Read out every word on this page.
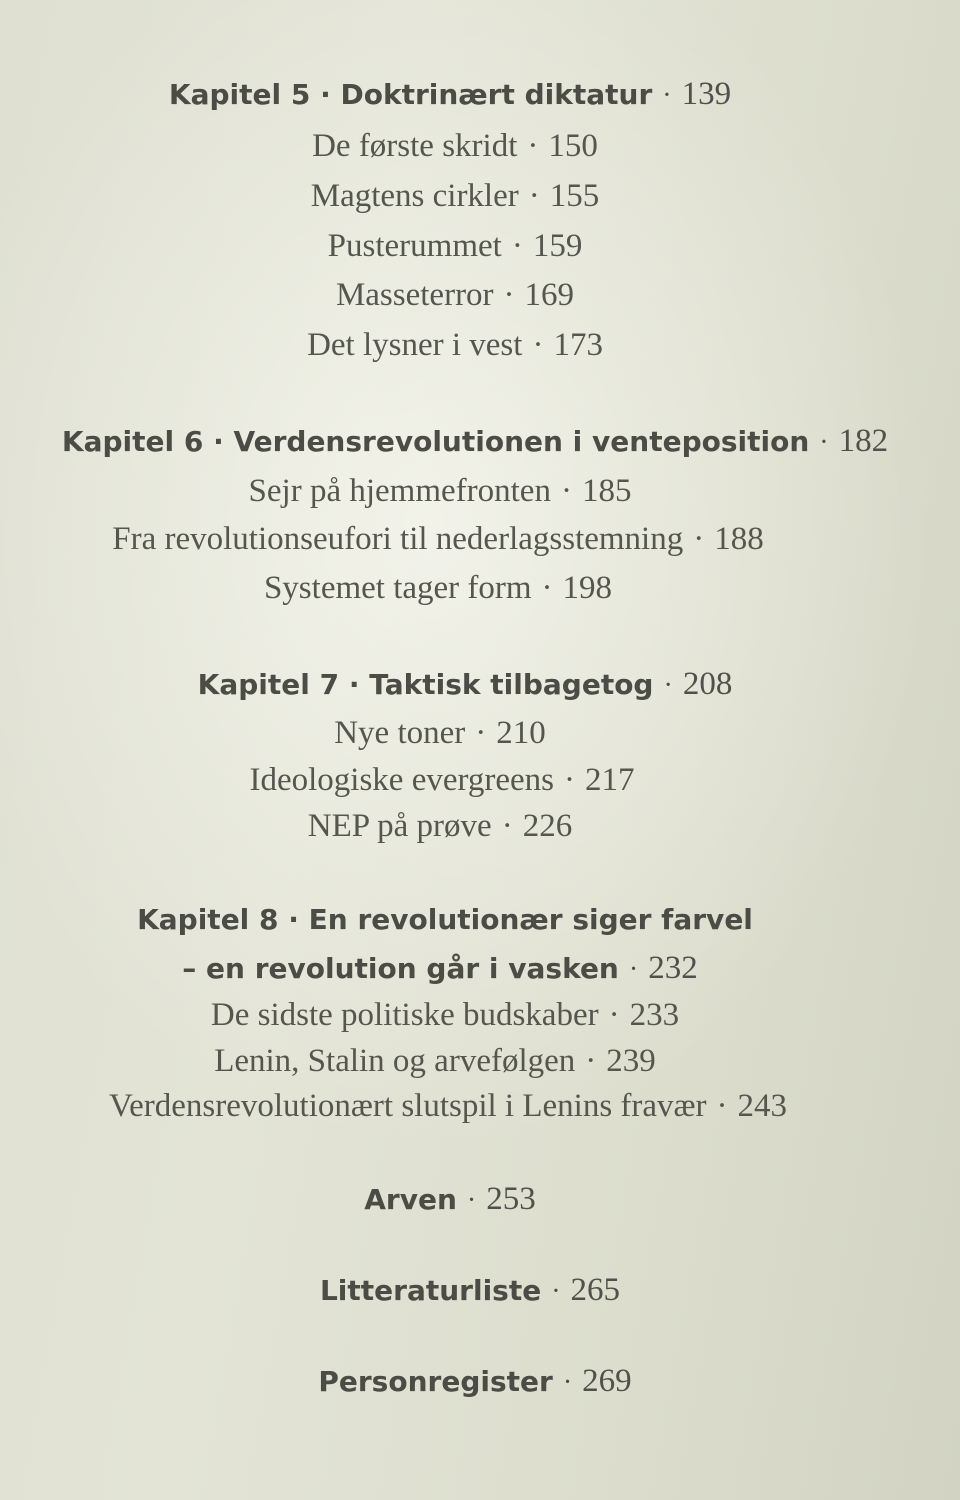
Kapitel 5 · Doktrinært diktatur · 139
De første skridt · 150
Magtens cirkler · 155
Pusterummet · 159
Masseterror · 169
Det lysner i vest · 173
Kapitel 6 · Verdensrevolutionen i venteposition · 182
Sejr på hjemmefronten · 185
Fra revolutionseufori til nederlagsstemning · 188
Systemet tager form · 198
Kapitel 7 · Taktisk tilbagetog · 208
Nye toner · 210
Ideologiske evergreens · 217
NEP på prøve · 226
Kapitel 8 · En revolutionær siger farvel
– en revolution går i vasken · 232
De sidste politiske budskaber · 233
Lenin, Stalin og arvefølgen · 239
Verdensrevolutionært slutspil i Lenins fravær · 243
Arven · 253
Litteraturliste · 265
Personregister · 269
